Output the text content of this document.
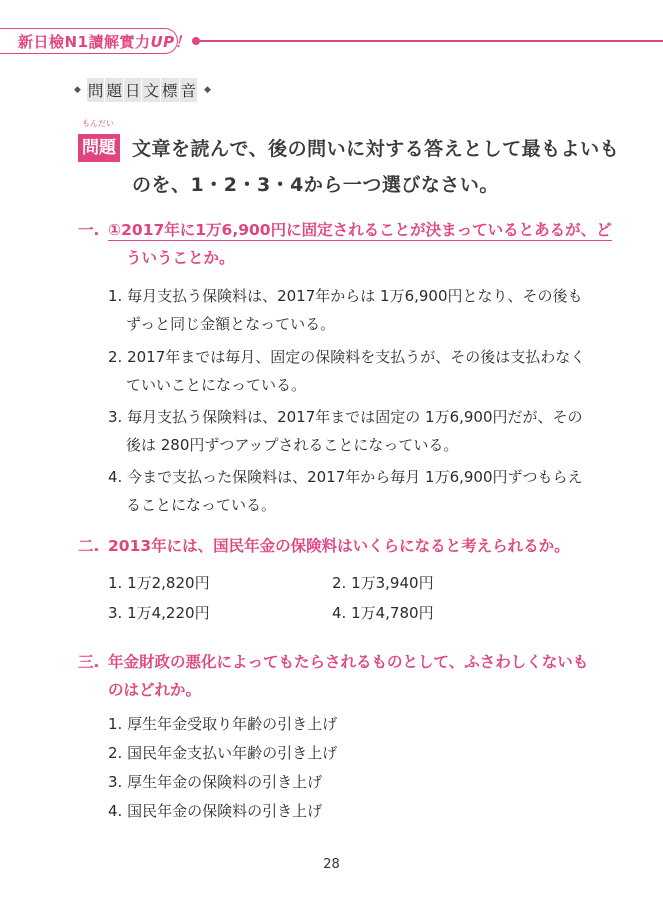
新日檢N1讀解實力UP！
◆ 問 題 日 文 標 音 ◆
もんだい
問題 文章を読んで、後の問いに対する答えとして最もよいも
のを、1・2・3・4から一つ選びなさい。
一. ①2017年に1万6,900円に固定されることが決まっているとあるが、ど
ういうことか。
1. 毎月支払う保険料は、2017年からは 1万6,900円となり、その後も
ずっと同じ金額となっている。
2. 2017年までは毎月、固定の保険料を支払うが、その後は支払わなく
ていいことになっている。
3. 毎月支払う保険料は、2017年までは固定の 1万6,900円だが、その
後は 280円ずつアップされることになっている。
4. 今まで支払った保険料は、2017年から毎月 1万6,900円ずつもらえ
ることになっている。
二. 2013年には、国民年金の保険料はいくらになると考えられるか。
1. 1万2,820円	2. 1万3,940円
3. 1万4,220円	4. 1万4,780円
三. 年金財政の悪化によってもたらされるものとして、ふさわしくないも
のはどれか。
1. 厚生年金受取り年齢の引き上げ
2. 国民年金支払い年齢の引き上げ
3. 厚生年金の保険料の引き上げ
4. 国民年金の保険料の引き上げ
28
